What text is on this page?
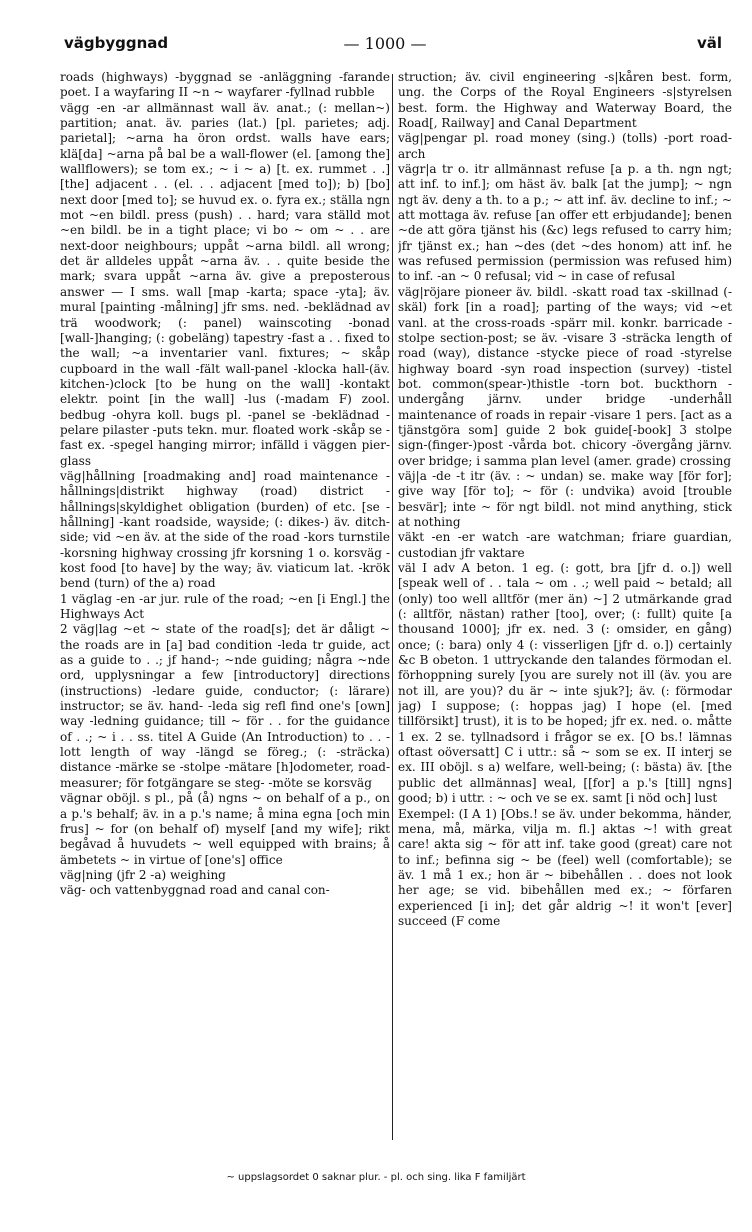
vägbyggnad	— 1000 —	väl

roads (highways) -byggnad se -anläggning -farande poet. I a wayfaring II ~n ~ wayfarer -fyllnad rubble

vägg -en -ar allmännast wall äv. anat.; (: mellan~) partition; anat. äv. paries (lat.) [pl. parietes; adj. parietal]; ~arna ha öron ordst. walls have ears; klä[da] ~arna på bal be a wall-flower (el. [among the] wallflowers); se tom ex.; ~ i ~ a) [t. ex. rummet . .] [the] adjacent . . (el. . . adjacent [med to]); b) [bo] next door [med to]; se huvud ex. o. fyra ex.; ställa ngn mot ~en bildl. press (push) . . hard; vara ställd mot ~en bildl. be in a tight place; vi bo ~ om ~ . . are next-door neighbours; uppåt ~arna bildl. all wrong; det är alldeles uppåt ~arna äv. . . quite beside the mark; svara uppåt ~arna äv. give a preposterous answer — I sms. wall [map -karta; space -yta]; äv. mural [painting -målning] jfr sms. ned. -beklädnad av trä woodwork; (: panel) wainscoting -bonad [wall-]hanging; (: gobeläng) tapestry -fast a . . fixed to the wall; ~a inventarier vanl. fixtures; ~ skåp cupboard in the wall -fält wall-panel -klocka hall-(äv. kitchen-)clock [to be hung on the wall] -kontakt elektr. point [in the wall] -lus (-madam F) zool. bedbug -ohyra koll. bugs pl. -panel se -beklädnad -pelare pilaster -puts tekn. mur. floated work -skåp se -fast ex. -spegel hanging mirror; infälld i väggen pier-glass

väg|hållning [roadmaking and] road maintenance -hållnings|distrikt highway (road) district -hållnings|skyldighet obligation (burden) of etc. [se -hållning] -kant roadside, wayside; (: dikes-) äv. ditch-side; vid ~en äv. at the side of the road -kors turnstile -korsning highway crossing jfr korsning 1 o. korsväg -kost food [to have] by the way; äv. viaticum lat. -krök bend (turn) of the a) road

1 väglag -en -ar jur. rule of the road; ~en [i Engl.] the Highways Act

2 väg|lag ~et ~ state of the road[s]; det är dåligt ~ the roads are in [a] bad condition -leda tr guide, act as a guide to . .; jf hand-; ~nde guiding; några ~nde ord, upplysningar a few [introductory] directions (instructions) -ledare guide, conductor; (: lärare) instructor; se äv. hand- -leda sig refl find one's [own] way -ledning guidance; till ~ för . . for the guidance of . .; ~ i . . ss. titel A Guide (An Introduction) to . . -lott length of way -längd se föreg.; (: -sträcka) distance -märke se -stolpe -mätare [h]odometer, road-measurer; för fotgängare se steg- -möte se korsväg

vägnar oböjl. s pl., på (å) ngns ~ on behalf of a p., on a p.'s behalf; äv. in a p.'s name; å mina egna [och min frus] ~ for (on behalf of) myself [and my wife]; rikt begåvad å huvudets ~ well equipped with brains; å ämbetets ~ in virtue of [one's] office

väg|ning (jfr 2 -a) weighing

väg- och vattenbyggnad road and canal con-

struction; äv. civil engineering -s|kåren best. form, ung. the Corps of the Royal Engineers -s|styrelsen best. form. the Highway and Waterway Board, the Road[, Railway] and Canal Department

väg|pengar pl. road money (sing.) (tolls) -port road-arch

vägr|a tr o. itr allmännast refuse [a p. a th. ngn ngt; att inf. to inf.]; om häst äv. balk [at the jump]; ~ ngn ngt äv. deny a th. to a p.; ~ att inf. äv. decline to inf.; ~ att mottaga äv. refuse [an offer ett erbjudande]; benen ~de att göra tjänst his (&c) legs refused to carry him; jfr tjänst ex.; han ~des (det ~des honom) att inf. he was refused permission (permission was refused him) to inf. -an ~ 0 refusal; vid ~ in case of refusal

väg|röjare pioneer äv. bildl. -skatt road tax -skillnad (-skäl) fork [in a road]; parting of the ways; vid ~et vanl. at the cross-roads -spärr mil. konkr. barricade -stolpe section-post; se äv. -visare 3 -sträcka length of road (way), distance -stycke piece of road -styrelse highway board -syn road inspection (survey) -tistel bot. common(spear-)thistle -torn bot. buckthorn -undergång järnv. under bridge -underhåll maintenance of roads in repair -visare 1 pers. [act as a tjänstgöra som] guide 2 bok guide[-book] 3 stolpe sign-(finger-)post -vårda bot. chicory -övergång järnv. over bridge; i samma plan level (amer. grade) crossing

väj|a -de -t itr (äv. : ~ undan) se. make way [för for]; give way [för to]; ~ för (: undvika) avoid [trouble besvär]; inte ~ för ngt bildl. not mind anything, stick at nothing

väkt -en -er watch -are watchman; friare guardian, custodian jfr vaktare

väl I adv A beton. 1 eg. (: gott, bra [jfr d. o.]) well [speak well of . . tala ~ om . .; well paid ~ betald; all (only) too well alltför (mer än) ~] 2 utmärkande grad (: alltför, nästan) rather [too], over; (: fullt) quite [a thousand 1000]; jfr ex. ned. 3 (: omsider, en gång) once; (: bara) only 4 (: visserligen [jfr d. o.]) certainly &c B obeton. 1 uttryckande den talandes förmodan el. förhoppning surely [you are surely not ill (äv. you are not ill, are you)? du är ~ inte sjuk?]; äv. (: förmodar jag) I suppose; (: hoppas jag) I hope (el. [med tillförsikt] trust), it is to be hoped; jfr ex. ned. o. måtte 1 ex. 2 se. tyllnadsord i frågor se ex. [O bs.! lämnas oftast oöversatt] C i uttr.: så ~ som se ex. II interj se ex. III oböjl. s a) welfare, well-being; (: bästa) äv. [the public det allmännas] weal, [[for] a p.'s [till] ngns] good; b) i uttr. : ~ och ve se ex. samt [i nöd och] lust

Exempel: (I A 1) [Obs.! se äv. under bekomma, händer, mena, må, märka, vilja m. fl.] aktas ~! with great care! akta sig ~ för att inf. take good (great) care not to inf.; befinna sig ~ be (feel) well (comfortable); se äv. 1 må 1 ex.; hon är ~ bibehållen . . does not look her age; se vid. bibehållen med ex.; ~ förfaren experienced [i in]; det går aldrig ~! it won't [ever] succeed (F come

~ uppslagsordet 0 saknar plur. - pl. och sing. lika F familjärt
